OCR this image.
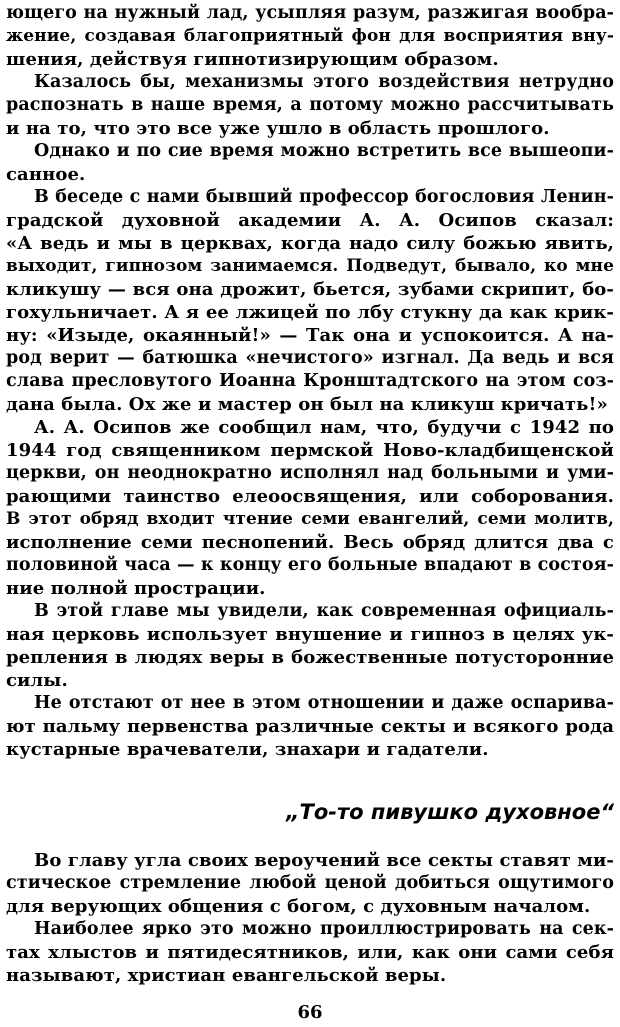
ющего на нужный лад, усыпляя разум, разжигая вообра-
жение, создавая благоприятный фон для восприятия вну-
шения, действуя гипнотизирующим образом.
Казалось бы, механизмы этого воздействия нетрудно
распознать в наше время, а потому можно рассчитывать
и на то, что это все уже ушло в область прошлого.
Однако и по сие время можно встретить все вышеопи-
санное.
В беседе с нами бывший профессор богословия Ленин-
градской духовной академии А. А. Осипов сказал:
«А ведь и мы в церквах, когда надо силу божью явить,
выходит, гипнозом занимаемся. Подведут, бывало, ко мне
кликушу — вся она дрожит, бьется, зубами скрипит, бо-
гохульничает. А я ее лжицей по лбу стукну да как крик-
ну: «Изыде, окаянный!» — Так она и успокоится. А на-
род верит — батюшка «нечистого» изгнал. Да ведь и вся
слава пресловутого Иоанна Кронштадтского на этом соз-
дана была. Ох же и мастер он был на кликуш кричать!»
А. А. Осипов же сообщил нам, что, будучи с 1942 по
1944 год священником пермской Ново-кладбищенской
церкви, он неоднократно исполнял над больными и уми-
рающими таинство елеоосвящения, или соборования.
В этот обряд входит чтение семи евангелий, семи молитв,
исполнение семи песнопений. Весь обряд длится два с
половиной часа — к концу его больные впадают в состоя-
ние полной прострации.
В этой главе мы увидели, как современная официаль-
ная церковь использует внушение и гипноз в целях ук-
репления в людях веры в божественные потусторонние
силы.
Не отстают от нее в этом отношении и даже оспарива-
ют пальму первенства различные секты и всякого рода
кустарные врачеватели, знахари и гадатели.
„То-то пивушко духовное“
Во главу угла своих вероучений все секты ставят ми-
стическое стремление любой ценой добиться ощутимого
для верующих общения с богом, с духовным началом.
Наиболее ярко это можно проиллюстрировать на сек-
тах хлыстов и пятидесятников, или, как они сами себя
называют, христиан евангельской веры.
66
